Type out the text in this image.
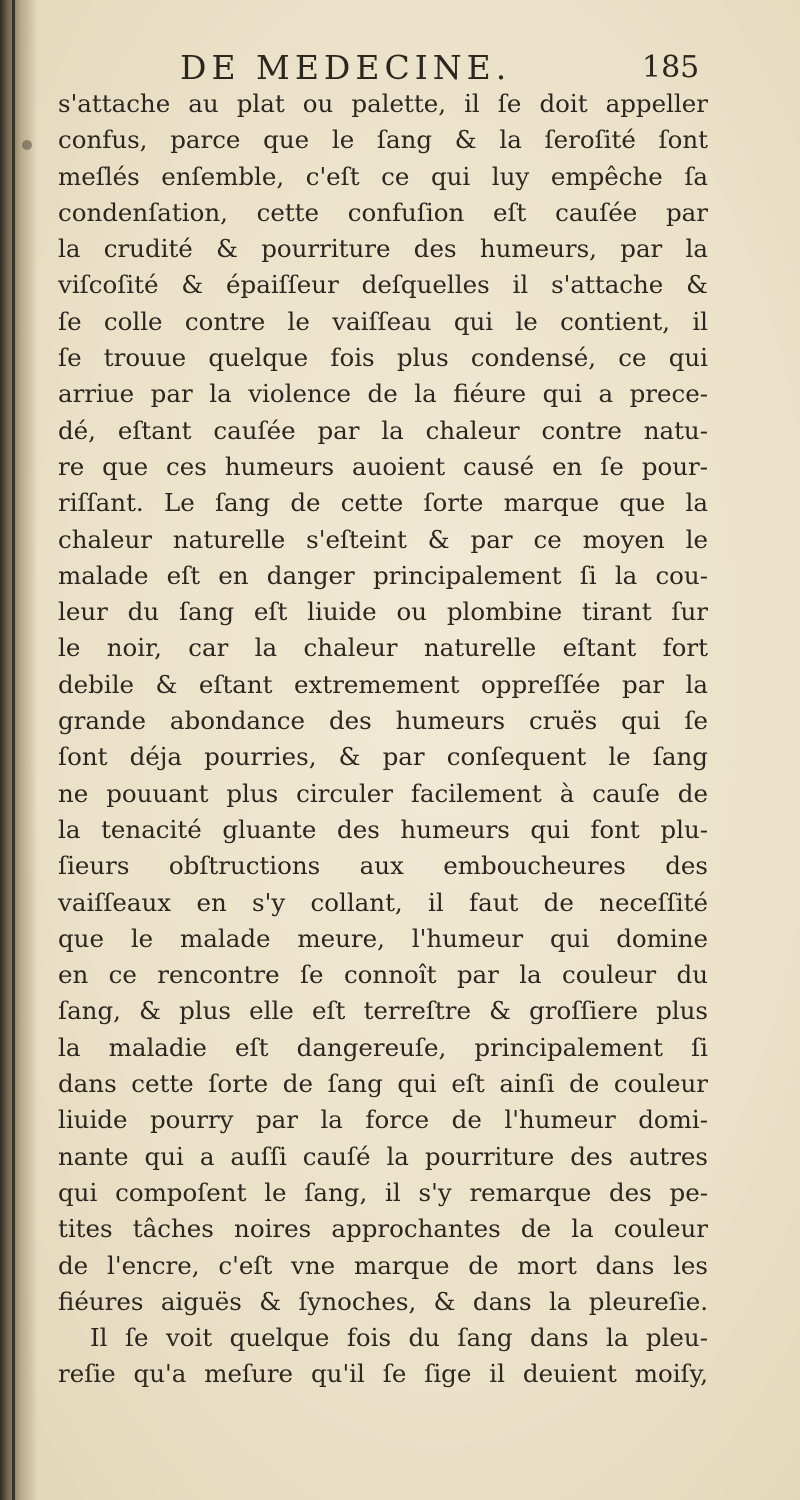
DE MEDECINE.	185
s'attache au plat ou palette, il ſe doit appeller
confus, parce que le ſang & la ſeroſité ſont
meſlés enſemble, c'eſt ce qui luy empêche ſa
condenſation, cette confuſion eſt cauſée par
la crudité & pourriture des humeurs, par la
viſcoſité & épaiſſeur deſquelles il s'attache &
ſe colle contre le vaiſſeau qui le contient, il
ſe trouue quelque fois plus condensé, ce qui
arriue par la violence de la fiéure qui a prece-
dé, eſtant cauſée par la chaleur contre natu-
re que ces humeurs auoient causé en ſe pour-
riſſant. Le ſang de cette ſorte marque que la
chaleur naturelle s'eſteint & par ce moyen le
malade eſt en danger principalement ſi la cou-
leur du ſang eſt liuide ou plombine tirant ſur
le noir, car la chaleur naturelle eſtant fort
debile & eſtant extremement oppreſſée par la
grande abondance des humeurs cruës qui ſe
ſont déja pourries, & par conſequent le ſang
ne pouuant plus circuler facilement à cauſe de
la tenacité gluante des humeurs qui font plu-
ſieurs obſtructions aux emboucheures des
vaiſſeaux en s'y collant, il faut de neceſſité
que le malade meure, l'humeur qui domine
en ce rencontre ſe connoît par la couleur du
ſang, & plus elle eſt terreſtre & groſſiere plus
la maladie eſt dangereuſe, principalement ſi
dans cette ſorte de ſang qui eſt ainſi de couleur
liuide pourry par la force de l'humeur domi-
nante qui a auſſi cauſé la pourriture des autres
qui compoſent le ſang, il s'y remarque des pe-
tites tâches noires approchantes de la couleur
de l'encre, c'eſt vne marque de mort dans les
fiéures aiguës & ſynoches, & dans la pleureſie.
Il ſe voit quelque fois du ſang dans la pleu-
reſie qu'a meſure qu'il ſe ſige il deuient moiſy,
